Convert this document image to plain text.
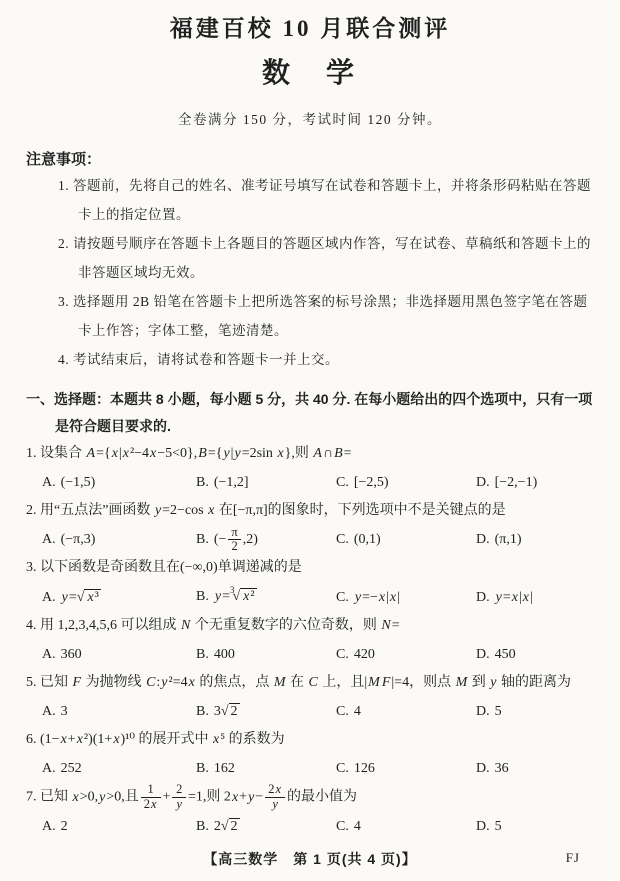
福建百校 10 月联合测评
数　学

全卷满分 150 分，考试时间 120 分钟。

注意事项：
1. 答题前，先将自己的姓名、准考证号填写在试卷和答题卡上，并将条形码粘贴在答题卡上的指定位置。
2. 请按题号顺序在答题卡上各题目的答题区域内作答，写在试卷、草稿纸和答题卡上的非答题区域均无效。
3. 选择题用 2B 铅笔在答题卡上把所选答案的标号涂黑；非选择题用黑色签字笔在答题卡上作答；字体工整，笔迹清楚。
4. 考试结束后，请将试卷和答题卡一并上交。
一、选择题：本题共 8 小题，每小题 5 分，共 40 分. 在每小题给出的四个选项中，只有一项是符合题目要求的.
1. 设集合 A={x|x²−4x−5<0},B={y|y=2sin x},则 A∩B=
A. (−1,5)	B. (−1,2]	C. [−2,5)	D. [−2,−1)
2. 用“五点法”画函数 y=2−cos x 在[−π,π]的图象时，下列选项中不是关键点的是
A. (−π,3)	B. (− $\frac{\pi}{2} ,2$)	C. (0,1)	D. (π,1)
3. 以下函数是奇函数且在(−∞,0)单调递减的是
A. y=√ x³	B. y=$^3$√ x²	C. y=−x|x|	D. y=x|x|
4. 用 1,2,3,4,5,6 可以组成 N 个无重复数字的六位奇数，则 N=
A. 360	B. 400	C. 420	D. 450
5. 已知 F 为抛物线 C:y²=4x 的焦点，点 M 在 C 上，且|M F|=4，则点 M 到 y 轴的距离为
A. 3	B. 3√ 2	C. 4	D. 5
6. (1−x+x²)(1+x)¹⁰ 的展开式中 x⁵ 的系数为
A. 252	B. 162	C. 126	D. 36
7. 已知 x>0,y>0,且 $\frac{1}{2x} + \frac{2}{y} =1$,则 $2x+y- \frac{2x}{y}$ 的最小值为
A. 2	B. 2√ 2	C. 4	D. 5
【高三数学　第 1 页(共 4 页)】	FJ
